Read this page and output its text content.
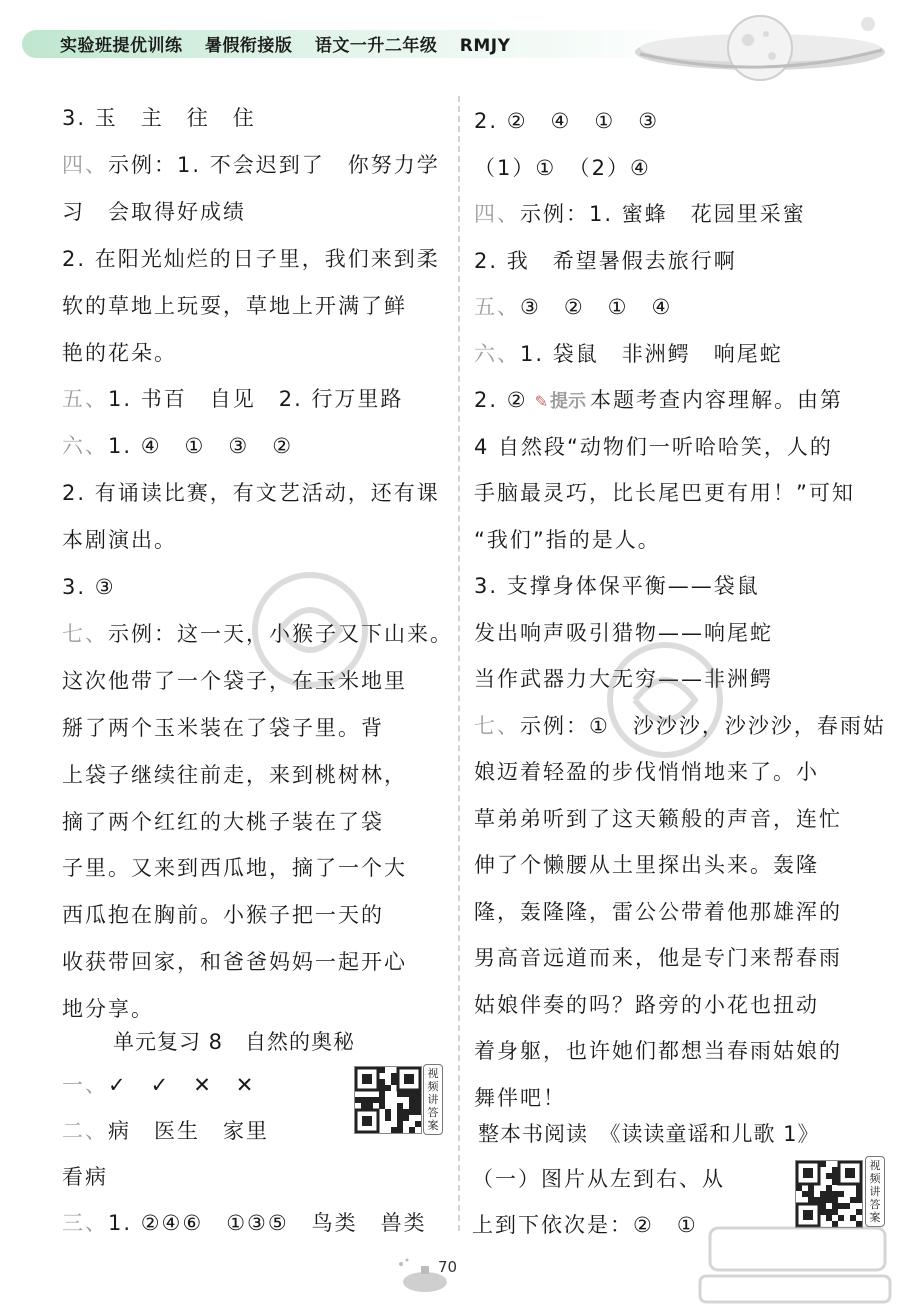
实验班提优训练 暑假衔接版 语文一升二年级 RMJY
3. 玉　主　往　住
四、示例：1. 不会迟到了　你努力学
习　会取得好成绩
2. 在阳光灿烂的日子里，我们来到柔
软的草地上玩耍，草地上开满了鲜
艳的花朵。
五、1. 书百　自见　2. 行万里路
六、1. ④　①　③　②
2. 有诵读比赛，有文艺活动，还有课
本剧演出。
3. ③
七、示例：这一天，小猴子又下山来。
这次他带了一个袋子，在玉米地里
掰了两个玉米装在了袋子里。背
上袋子继续往前走，来到桃树林，
摘了两个红红的大桃子装在了袋
子里。又来到西瓜地，摘了一个大
西瓜抱在胸前。小猴子把一天的
收获带回家，和爸爸妈妈一起开心
地分享。
2. ②　④　①　③
（1）①　（2）④
四、示例：1. 蜜蜂　花园里采蜜
2. 我　希望暑假去旅行啊
五、③　②　①　④
六、1. 袋鼠　非洲鳄　响尾蛇
2. ② ✎提示 本题考查内容理解。由第
4 自然段“动物们一听哈哈笑，人的
手脑最灵巧，比长尾巴更有用！”可知
“我们”指的是人。
3. 支撑身体保平衡——袋鼠
发出响声吸引猎物——响尾蛇
当作武器力大无穷——非洲鳄
七、示例：①　沙沙沙，沙沙沙，春雨姑
娘迈着轻盈的步伐悄悄地来了。小
草弟弟听到了这天籁般的声音，连忙
伸了个懒腰从土里探出头来。轰隆
隆，轰隆隆，雷公公带着他那雄浑的
男高音远道而来，他是专门来帮春雨
姑娘伴奏的吗？路旁的小花也扭动
着身躯，也许她们都想当春雨姑娘的
舞伴吧！
单元复习 8　自然的奥秘
一、✓　✓　✕　✕
二、病　医生　家里
看病
三、1. ②④⑥　①③⑤　鸟类　兽类
视频讲答案 整本书阅读　《读读童谣和儿歌 1》
（一）图片从左到右、从
上到下依次是：②　①
视频讲答案
70
